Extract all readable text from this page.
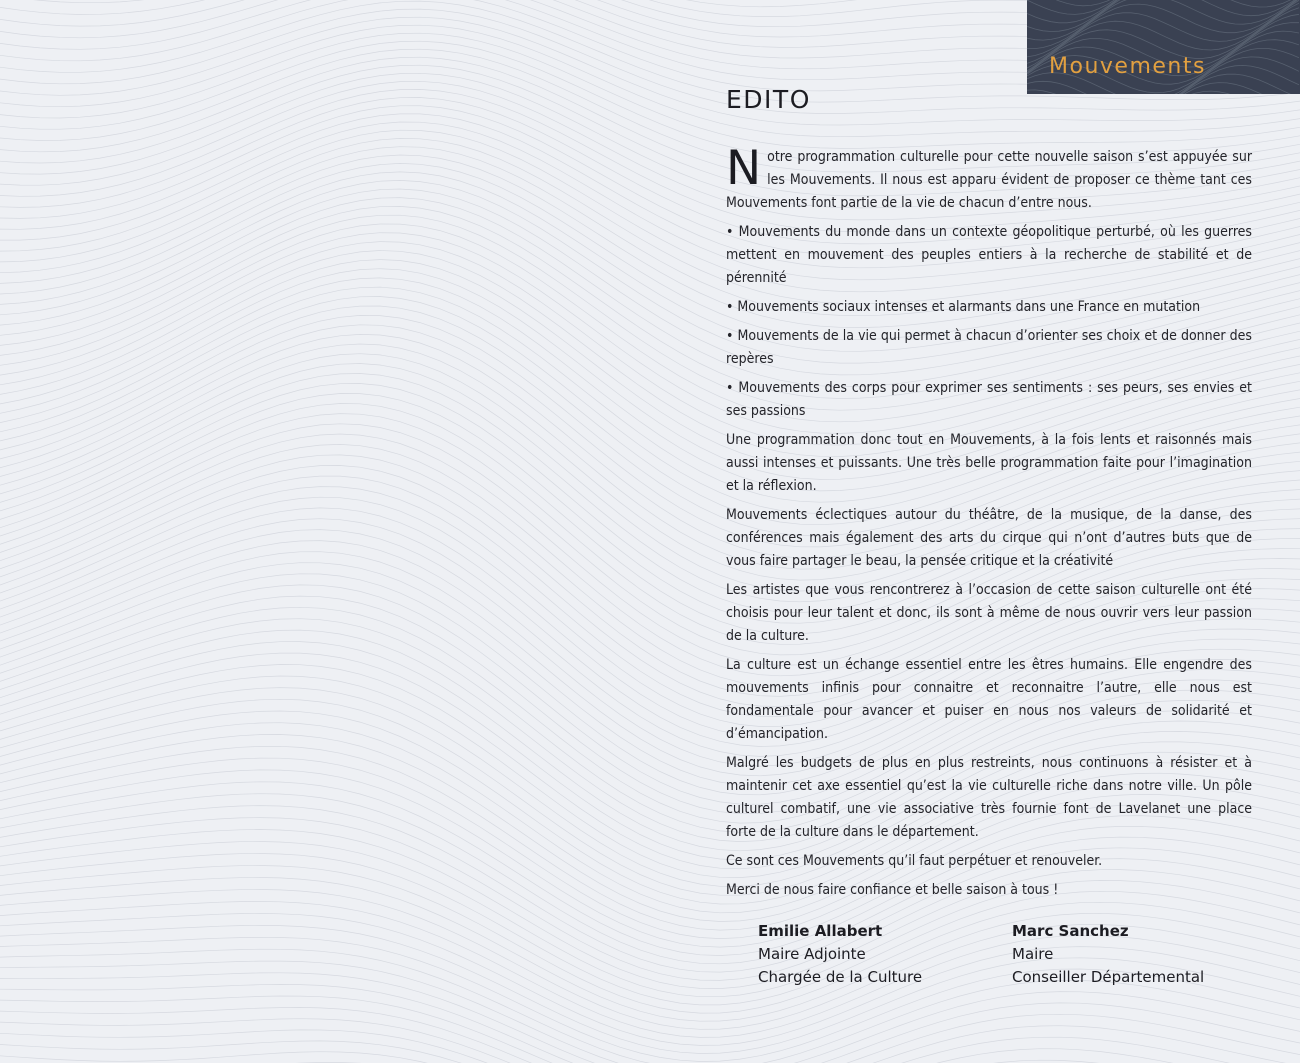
Mouvements
EDITO

Notre programmation culturelle pour cette nouvelle saison s’est appuyée sur les Mouvements. Il nous est apparu évident de proposer ce thème tant ces Mouvements font partie de la vie de chacun d’entre nous.

• Mouvements du monde dans un contexte géopolitique perturbé, où les guerres mettent en mouvement des peuples entiers à la recherche de stabilité et de pérennité

• Mouvements sociaux intenses et alarmants dans une France en mutation

• Mouvements de la vie qui permet à chacun d’orienter ses choix et de donner des repères

• Mouvements des corps pour exprimer ses sentiments : ses peurs, ses envies et ses passions

Une programmation donc tout en Mouvements, à la fois lents et raisonnés mais aussi intenses et puissants. Une très belle programmation faite pour l’imagination et la réflexion.

Mouvements éclectiques autour du théâtre, de la musique, de la danse, des conférences mais également des arts du cirque qui n’ont d’autres buts que de vous faire partager le beau, la pensée critique et la créativité

Les artistes que vous rencontrerez à l’occasion de cette saison culturelle ont été choisis pour leur talent et donc, ils sont à même de nous ouvrir vers leur passion de la culture.

La culture est un échange essentiel entre les êtres humains. Elle engendre des mouvements infinis pour connaitre et reconnaitre l’autre, elle nous est fondamentale pour avancer et puiser en nous nos valeurs de solidarité et d’émancipation.

Malgré les budgets de plus en plus restreints, nous continuons à résister et à maintenir cet axe essentiel qu’est la vie culturelle riche dans notre ville. Un pôle culturel combatif, une vie associative très fournie font de Lavelanet une place forte de la culture dans le département.

Ce sont ces Mouvements qu’il faut perpétuer et renouveler.

Merci de nous faire confiance et belle saison à tous !

Emilie Allabert
Maire Adjointe
Chargée de la Culture
Marc Sanchez
Maire
Conseiller Départemental
